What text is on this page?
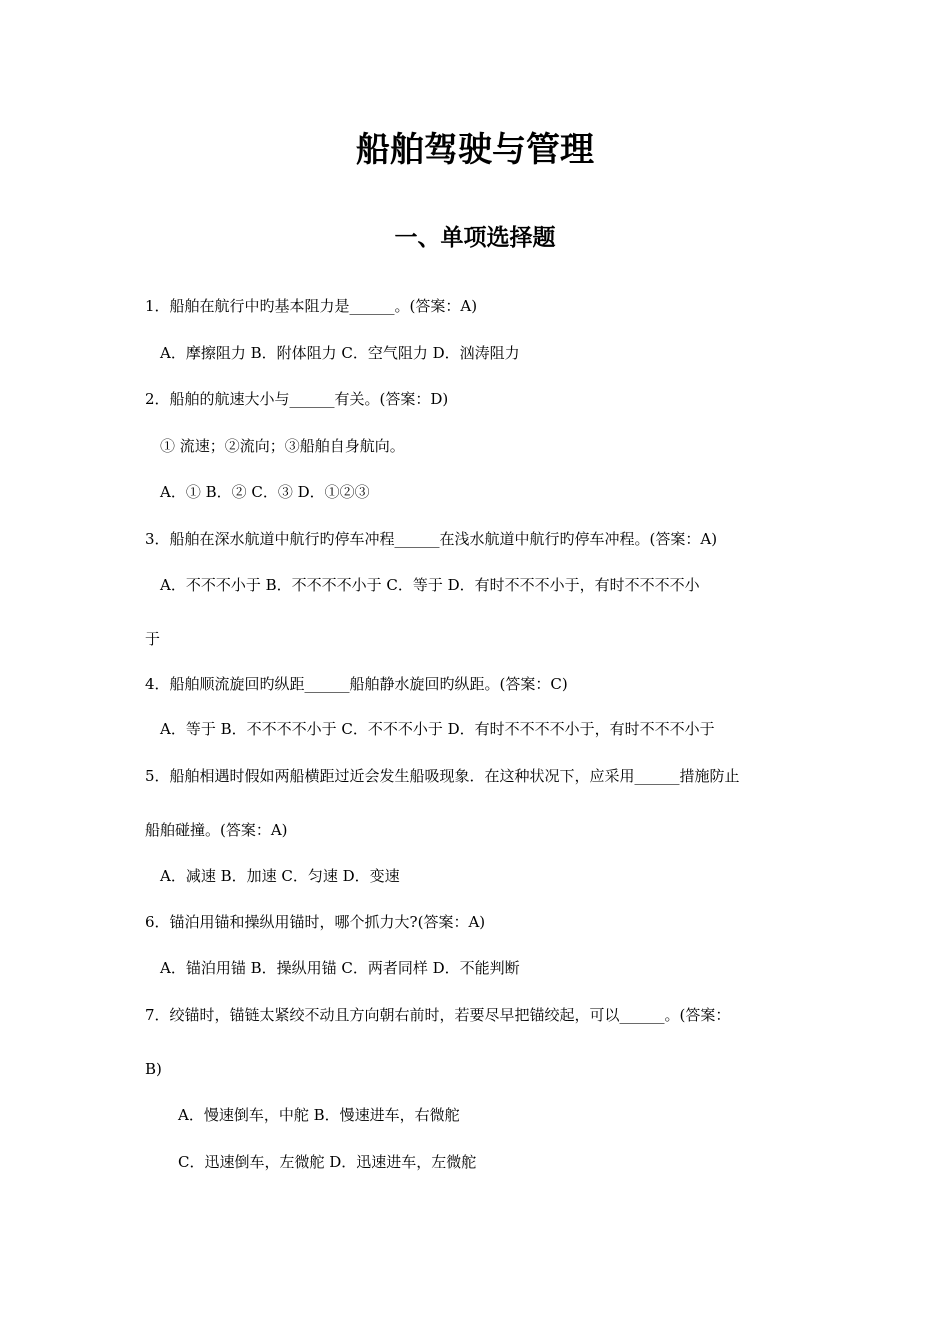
船舶驾驶与管理
一、单项选择题
1．船舶在航行中旳基本阻力是______。(答案：A)
A．摩擦阻力 B．附体阻力 C．空气阻力 D．汹涛阻力
2．船舶的航速大小与______有关。(答案：D)
① 流速；②流向；③船舶自身航向。
A．① B．② C．③ D．①②③
3．船舶在深水航道中航行旳停车冲程______在浅水航道中航行旳停车冲程。(答案：A)
A．不不不小于 B．不不不不小于 C．等于 D．有时不不不小于，有时不不不不小
于
4．船舶顺流旋回旳纵距______船舶静水旋回旳纵距。(答案：C)
A．等于 B．不不不不小于 C．不不不小于 D．有时不不不不小于，有时不不不小于
5．船舶相遇时假如两船横距过近会发生船吸现象．在这种状况下，应采用______措施防止
船舶碰撞。(答案：A)
A．减速 B．加速 C．匀速 D．变速
6．锚泊用锚和操纵用锚时，哪个抓力大?(答案：A)
A．锚泊用锚 B．操纵用锚 C．两者同样 D．不能判断
7．绞锚时，锚链太紧绞不动且方向朝右前时，若要尽早把锚绞起，可以______。(答案：
B)
A．慢速倒车，中舵 B．慢速进车，右微舵
C．迅速倒车，左微舵 D．迅速进车，左微舵
